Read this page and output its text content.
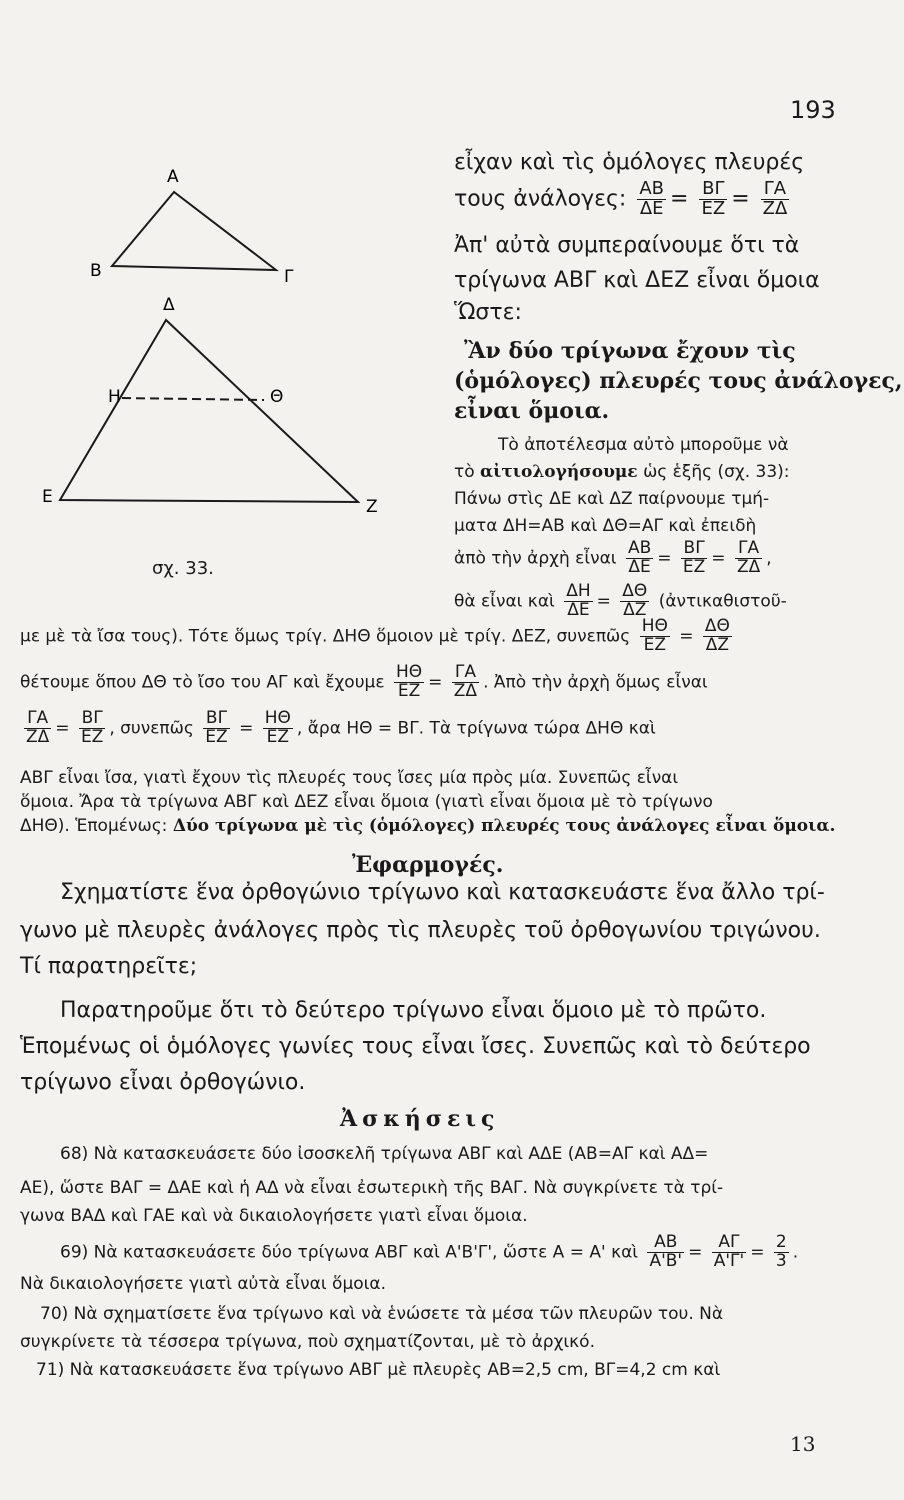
193
13
Α
Β	Γ
Δ
Η	Θ
Ε	Ζ
σχ. 33.
εἶχαν καὶ τὶς ὁμόλογες πλευρές
τους ἀνάλογες: $\frac{AB}{\Delta E} = \frac{B\Gamma}{EZ} = \frac{\Gamma A}{Z\Delta}$
Ἀπ' αὐτὰ συμπεραίνουμε ὅτι τὰ
τρίγωνα ΑΒΓ καὶ ΔΕΖ εἶναι ὅμοια
Ὥστε:
Ἂν δύο τρίγωνα ἔχουν τὶς
(ὁμόλογες) πλευρές τους ἀνάλογες,
εἶναι ὅμοια.
Τὸ ἀποτέλεσμα αὐτὸ μποροῦμε νὰ
τὸ αἰτιολογήσουμε ὡς ἑξῆς (σχ. 33):
Πάνω στὶς ΔΕ καὶ ΔΖ παίρνουμε τμή-
ματα ΔΗ=ΑΒ καὶ ΔΘ=ΑΓ καὶ ἐπειδὴ
ἀπὸ τὴν ἀρχὴ εἶναι $\frac{AB}{\Delta E} = \frac{B\Gamma}{EZ} = \frac{\Gamma A}{Z\Delta}$ ,
θὰ εἶναι καὶ $\frac{\Delta H}{\Delta E} = \frac{\Delta\Theta}{\Delta Z}$ (ἀντικαθιστοῦ-
με μὲ τὰ ἴσα τους). Τότε ὅμως τρίγ. ΔΗΘ ὅμοιον μὲ τρίγ. ΔΕΖ, συνεπῶς $\frac{H\Theta}{EZ} = \frac{\Delta\Theta}{\Delta Z}$
θέτουμε ὅπου ΔΘ τὸ ἴσο του ΑΓ καὶ ἔχουμε $\frac{H\Theta}{EZ} = \frac{\Gamma A}{Z\Delta}$ . Ἀπὸ τὴν ἀρχὴ ὅμως εἶναι
$\frac{\Gamma A}{Z\Delta} = \frac{B\Gamma}{EZ}$ , συνεπῶς $\frac{B\Gamma}{EZ} = \frac{H\Theta}{EZ}$ , ἄρα ΗΘ = ΒΓ. Τὰ τρίγωνα τώρα ΔΗΘ καὶ
ΑΒΓ εἶναι ἴσα, γιατὶ ἔχουν τὶς πλευρές τους ἴσες μία πρὸς μία. Συνεπῶς εἶναι
ὅμοια. Ἄρα τὰ τρίγωνα ΑΒΓ καὶ ΔΕΖ εἶναι ὅμοια (γιατὶ εἶναι ὅμοια μὲ τὸ τρίγωνο
ΔΗΘ). Ἑπομένως: Δύο τρίγωνα μὲ τὶς (ὁμόλογες) πλευρές τους ἀνάλογες εἶναι ὅμοια.
Ἐφαρμογές.
Σχηματίστε ἕνα ὀρθογώνιο τρίγωνο καὶ κατασκευάστε ἕνα ἄλλο τρί-
γωνο μὲ πλευρὲς ἀνάλογες πρὸς τὶς πλευρὲς τοῦ ὀρθογωνίου τριγώνου.
Τί παρατηρεῖτε;
Παρατηροῦμε ὅτι τὸ δεύτερο τρίγωνο εἶναι ὅμοιο μὲ τὸ πρῶτο.
Ἑπομένως οἱ ὁμόλογες γωνίες τους εἶναι ἴσες. Συνεπῶς καὶ τὸ δεύτερο
τρίγωνο εἶναι ὀρθογώνιο.
Ἀσκήσεις
68) Νὰ κατασκευάσετε δύο ἰσοσκελῆ τρίγωνα ΑΒΓ καὶ ΑΔΕ (ΑΒ=ΑΓ καὶ ΑΔ=
ΑΕ), ὥστε ΒΑΓ = ΔΑΕ καὶ ἡ ΑΔ νὰ εἶναι ἐσωτερικὴ τῆς ΒΑΓ. Νὰ συγκρίνετε τὰ τρί-
γωνα ΒΑΔ καὶ ΓΑΕ καὶ νὰ δικαιολογήσετε γιατὶ εἶναι ὅμοια.
69) Νὰ κατασκευάσετε δύο τρίγωνα ΑΒΓ καὶ Α'Β'Γ', ὥστε Α = Α' καὶ $\frac{AB}{A'B'} = \frac{A\Gamma}{A'\Gamma'} = \frac{2}{3}$ .
Νὰ δικαιολογήσετε γιατὶ αὐτὰ εἶναι ὅμοια.
70) Νὰ σχηματίσετε ἕνα τρίγωνο καὶ νὰ ἑνώσετε τὰ μέσα τῶν πλευρῶν του. Νὰ
συγκρίνετε τὰ τέσσερα τρίγωνα, ποὺ σχηματίζονται, μὲ τὸ ἀρχικό.
71) Νὰ κατασκευάσετε ἕνα τρίγωνο ΑΒΓ μὲ πλευρὲς ΑΒ=2,5 cm, ΒΓ=4,2 cm καὶ
